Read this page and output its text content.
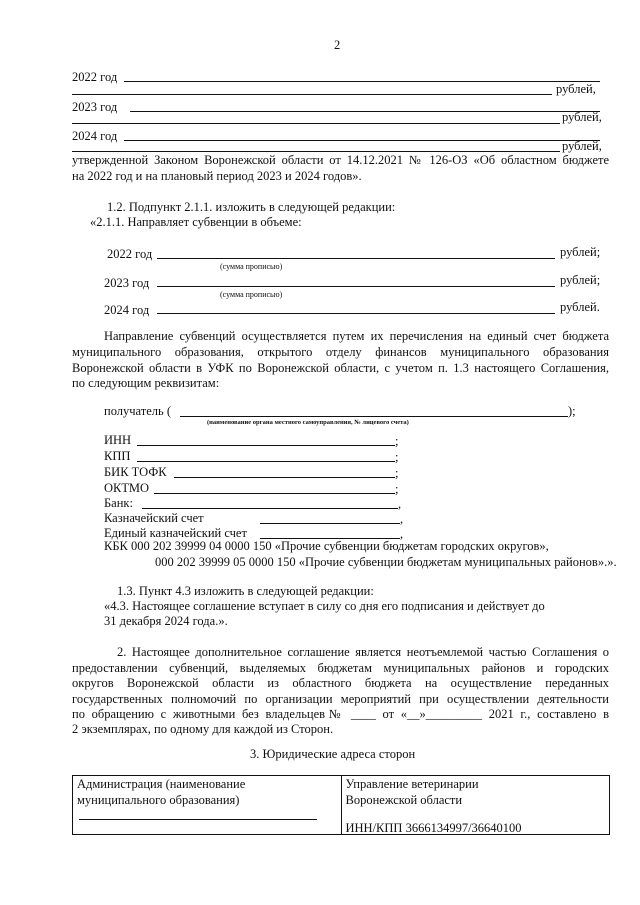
2
2022 год
рублей,
2023 год
рублей,
2024 год
рублей,
утвержденной Законом Воронежской области от 14.12.2021 № 126-ОЗ «Об областном бюджете
на 2022 год и на плановый период 2023 и 2024 годов».
1.2. Подпункт 2.1.1. изложить в следующей редакции:
«2.1.1. Направляет субвенции в объеме:
2022 год	рублей;
(сумма прописью)
2023 год	рублей;
(сумма прописью)
2024 год	рублей.
Направление субвенций осуществляется путем их перечисления на единый счет бюджета
муниципального образования, открытого отделу финансов муниципального образования
Воронежской области в УФК по Воронежской области, с учетом п. 1.3 настоящего Соглашения,
по следующим реквизитам:
получатель (	);
(наименование органа местного самоуправления, № лицевого счета)
ИНН	;
КПП	;
БИК ТОФК	;
ОКТМО	;
Банк:	,
Казначейский счет	,
Единый казначейский счет	,
КБК 000 202 39999 04 0000 150 «Прочие субвенции бюджетам городских округов»,
000 202 39999 05 0000 150 «Прочие субвенции бюджетам муниципальных районов».».
1.3. Пункт 4.3 изложить в следующей редакции:
«4.3. Настоящее соглашение вступает в силу со дня его подписания и действует до
31 декабря 2024 года.».
2. Настоящее дополнительное соглашение является неотъемлемой частью Соглашения о
предоставлении субвенций, выделяемых бюджетам муниципальных районов и городских
округов Воронежской области из областного бюджета на осуществление переданных
государственных полномочий по организации мероприятий при осуществлении деятельности
по обращению с животными без владельцев№ ____ от «__»_________ 2021 г., составлено в
2 экземплярах, по одному для каждой из Сторон.
3. Юридические адреса сторон
Администрация (наименование
муниципального образования)

Управление ветеринарии
Воронежской области
ИНН/КПП 3666134997/36640100
